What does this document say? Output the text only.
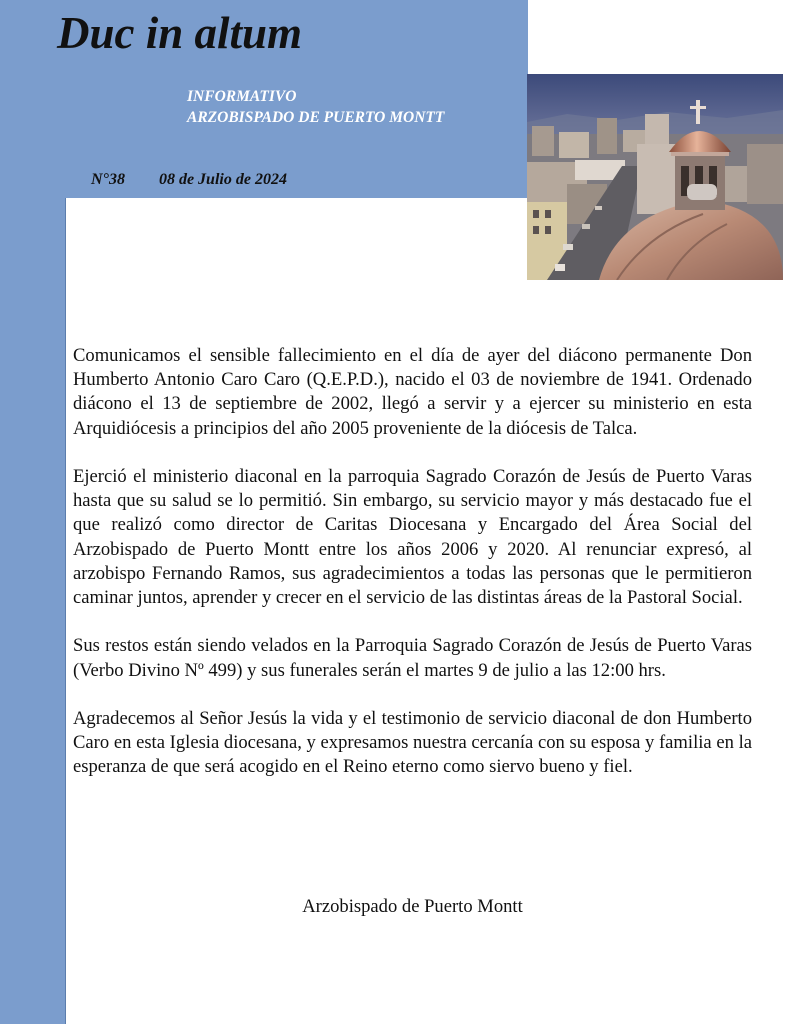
Duc in altum
INFORMATIVO
ARZOBISPADO DE PUERTO MONTT
N°38 08 de Julio de 2024

Comunicamos el sensible fallecimiento en el día de ayer del diácono permanente Don Humberto Antonio Caro Caro (Q.E.P.D.), nacido el 03 de noviembre de 1941. Ordenado diácono el 13 de septiembre de 2002, llegó a servir y a ejercer su ministerio en esta Arquidiócesis a principios del año 2005 proveniente de la diócesis de Talca.

Ejerció el ministerio diaconal en la parroquia Sagrado Corazón de Jesús de Puerto Varas hasta que su salud se lo permitió. Sin embargo, su servicio mayor y más destacado fue el que realizó como director de Caritas Diocesana y Encargado del Área Social del Arzobispado de Puerto Montt entre los años 2006 y 2020. Al renunciar expresó, al arzobispo Fernando Ramos, sus agradecimientos a todas las personas que le permitieron caminar juntos, aprender y crecer en el servicio de las distintas áreas de la Pastoral Social.

Sus restos están siendo velados en la Parroquia Sagrado Corazón de Jesús de Puerto Varas (Verbo Divino Nº 499) y sus funerales serán el martes 9 de julio a las 12:00 hrs.

Agradecemos al Señor Jesús la vida y el testimonio de servicio diaconal de don Humberto Caro en esta Iglesia diocesana, y expresamos nuestra cercanía con su esposa y familia en la esperanza de que será acogido en el Reino eterno como siervo bueno y fiel.

Arzobispado de Puerto Montt
